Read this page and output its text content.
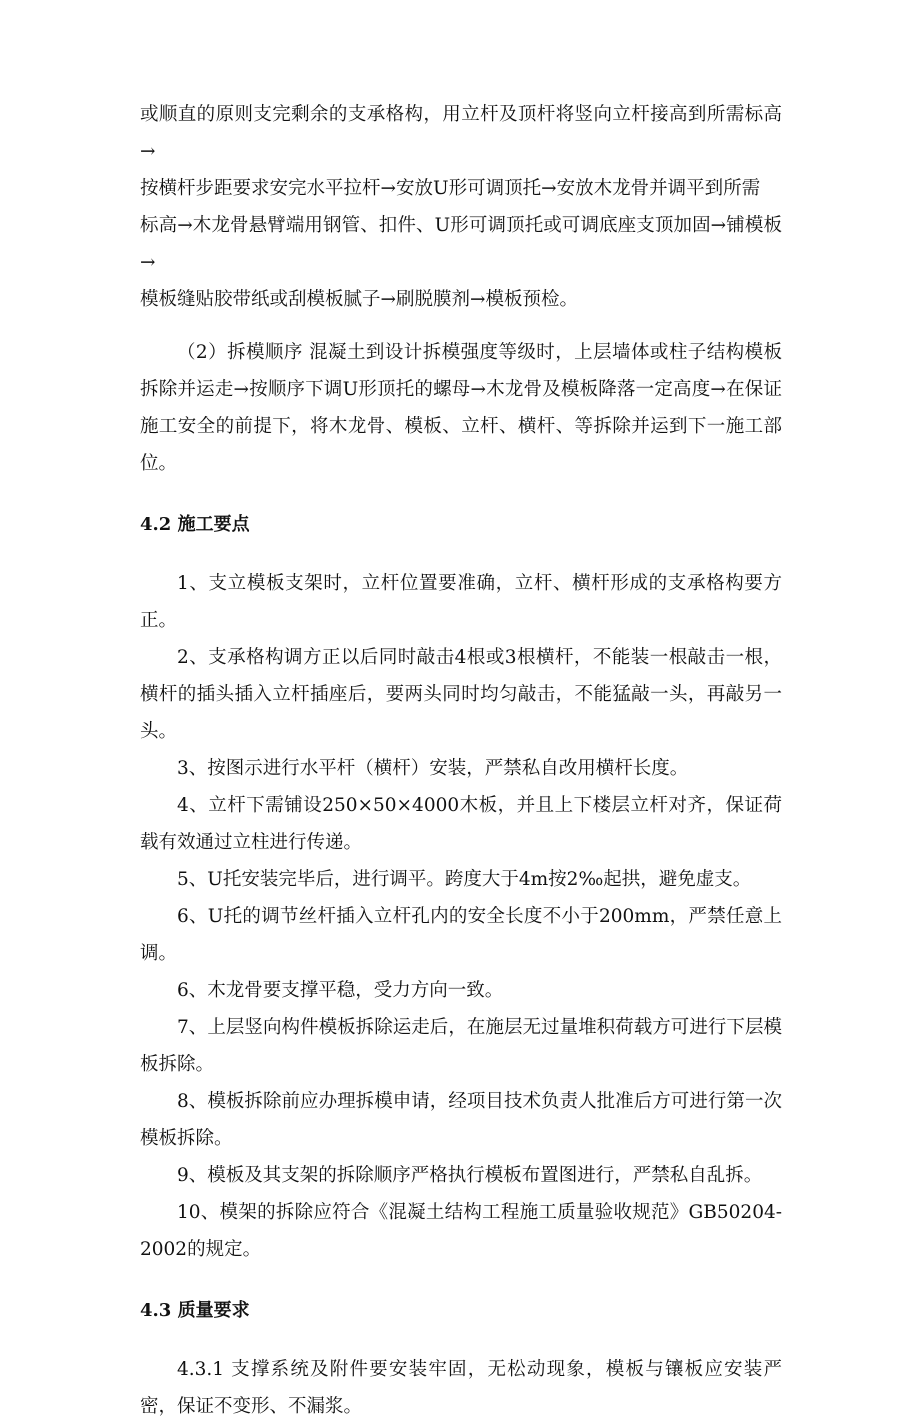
或顺直的原则支完剩余的支承格构，用立杆及顶杆将竖向立杆接高到所需标高→

按横杆步距要求安完水平拉杆→安放U形可调顶托→安放木龙骨并调平到所需

标高→木龙骨悬臂端用钢管、扣件、U形可调顶托或可调底座支顶加固→铺模板→

模板缝贴胶带纸或刮模板腻子→刷脱膜剂→模板预检。

（2）拆模顺序 混凝土到设计拆模强度等级时，上层墙体或柱子结构模板拆除并运走→按顺序下调U形顶托的螺母→木龙骨及模板降落一定高度→在保证施工安全的前提下，将木龙骨、模板、立杆、横杆、等拆除并运到下一施工部位。

4.2 施工要点

1、支立模板支架时，立杆位置要准确，立杆、横杆形成的支承格构要方正。

2、支承格构调方正以后同时敲击4根或3根横杆，不能装一根敲击一根，横杆的插头插入立杆插座后，要两头同时均匀敲击，不能猛敲一头，再敲另一头。

3、按图示进行水平杆（横杆）安装，严禁私自改用横杆长度。

4、立杆下需铺设250×50×4000木板，并且上下楼层立杆对齐，保证荷载有效通过立柱进行传递。

5、U托安装完毕后，进行调平。跨度大于4m按2‰起拱，避免虚支。

6、U托的调节丝杆插入立杆孔内的安全长度不小于200mm，严禁任意上调。

6、木龙骨要支撑平稳，受力方向一致。

7、上层竖向构件模板拆除运走后，在施层无过量堆积荷载方可进行下层模板拆除。

8、模板拆除前应办理拆模申请，经项目技术负责人批准后方可进行第一次模板拆除。

9、模板及其支架的拆除顺序严格执行模板布置图进行，严禁私自乱拆。

10、模架的拆除应符合《混凝土结构工程施工质量验收规范》GB50204-2002的规定。

4.3 质量要求

4.3.1 支撑系统及附件要安装牢固，无松动现象，模板与镶板应安装严密，保证不变形、不漏浆。
